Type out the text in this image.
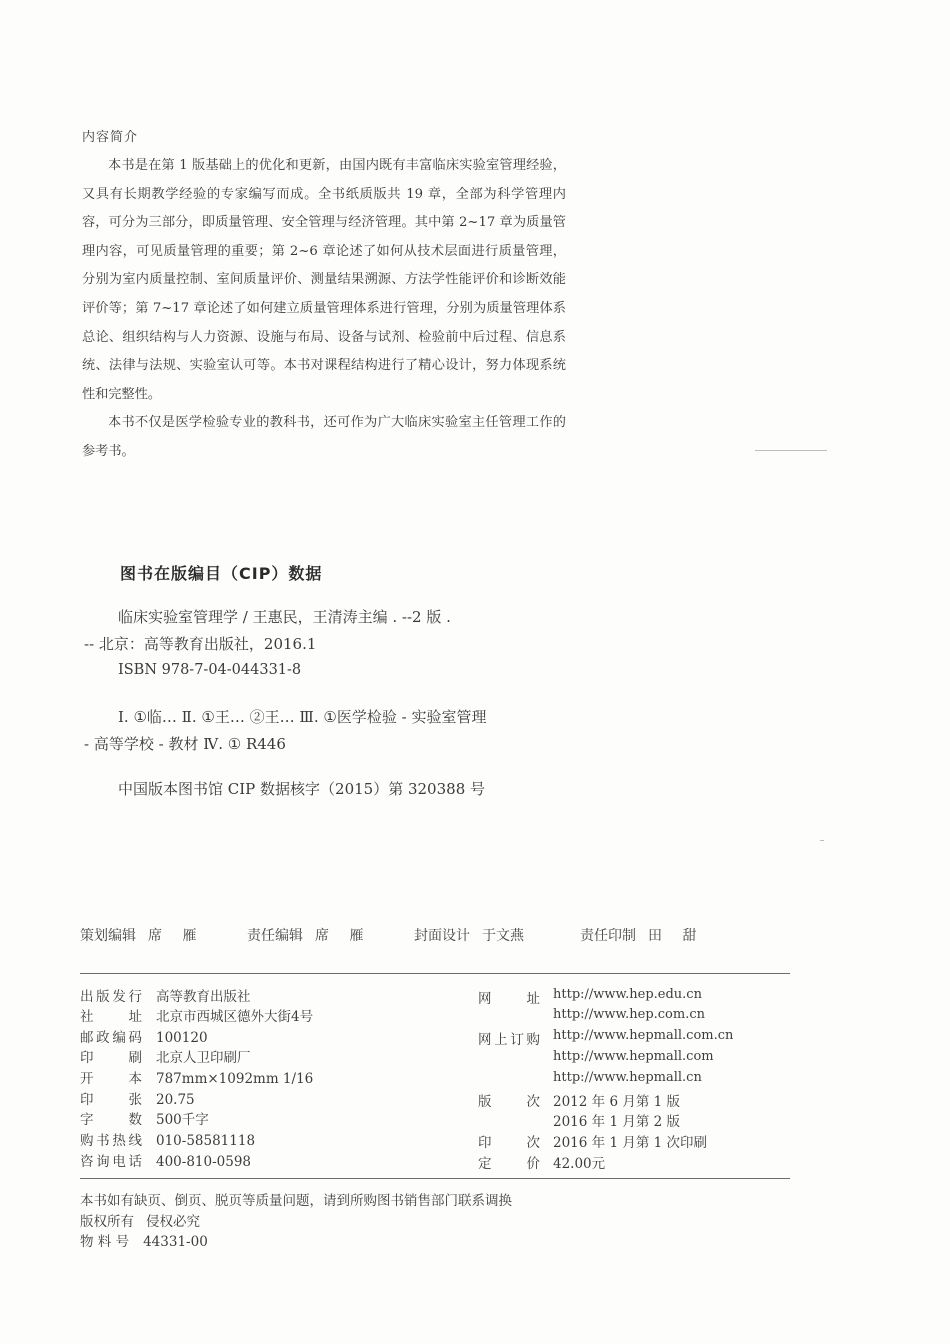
内容简介

本书是在第 1 版基础上的优化和更新，由国内既有丰富临床实验室管理经验，又具有长期教学经验的专家编写而成。全书纸质版共 19 章，全部为科学管理内容，可分为三部分，即质量管理、安全管理与经济管理。其中第 2~17 章为质量管理内容，可见质量管理的重要；第 2~6 章论述了如何从技术层面进行质量管理，分别为室内质量控制、室间质量评价、测量结果溯源、方法学性能评价和诊断效能评价等；第 7~17 章论述了如何建立质量管理体系进行管理，分别为质量管理体系总论、组织结构与人力资源、设施与布局、设备与试剂、检验前中后过程、信息系统、法律与法规、实验室认可等。本书对课程结构进行了精心设计，努力体现系统性和完整性。

本书不仅是医学检验专业的教科书，还可作为广大临床实验室主任管理工作的参考书。

图书在版编目（CIP）数据
临床实验室管理学 / 王惠民，王清涛主编 . --2 版 .
-- 北京：高等教育出版社，2016.1
ISBN 978-7-04-044331-8
Ⅰ. ①临… Ⅱ. ①王… ②王… Ⅲ. ①医学检验 - 实验室管理
- 高等学校 - 教材 Ⅳ. ① R446
中国版本图书馆 CIP 数据核字（2015）第 320388 号
策划编辑 席 雁	责任编辑 席 雁	封面设计 于文燕	责任印制 田 甜
出版发行 高等教育出版社
社址 北京市西城区德外大街4号
邮政编码 100120
印刷 北京人卫印刷厂
开本 787mm×1092mm 1/16
印张 20.75
字数 500千字
购书热线 010-58581118
咨询电话 400-810-0598
网址 http://www.hep.edu.cn
http://www.hep.com.cn
网上订购 http://www.hepmall.com.cn
http://www.hepmall.com
http://www.hepmall.cn
版次 2012 年 6 月第 1 版
2016 年 1 月第 2 版
印次 2016 年 1 月第 1 次印刷
定价 42.00元
本书如有缺页、倒页、脱页等质量问题，请到所购图书销售部门联系调换
版权所有 侵权必究
物 料 号 44331-00
